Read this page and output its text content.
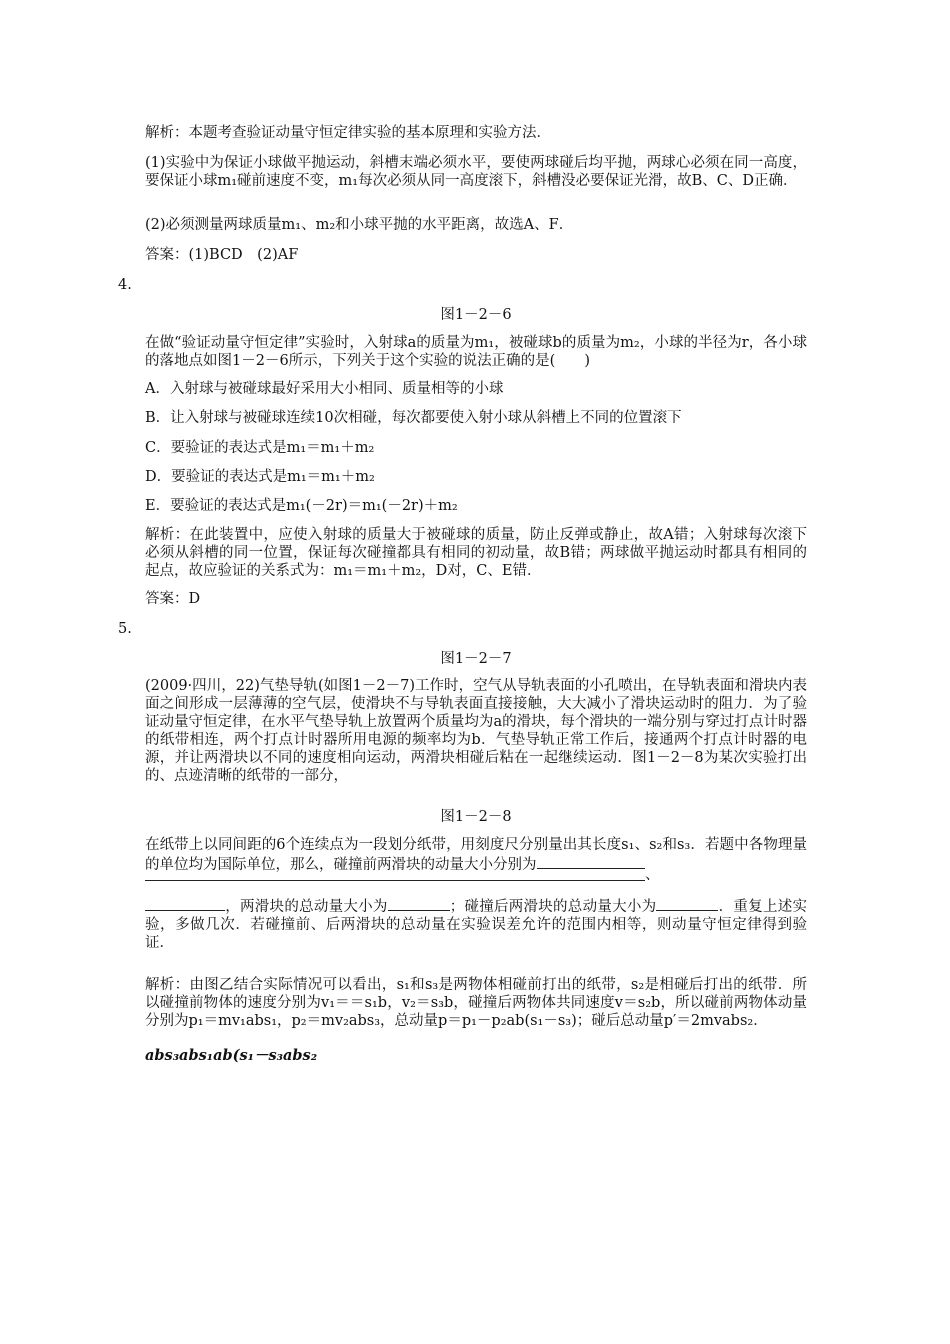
解析：本题考查验证动量守恒定律实验的基本原理和实验方法．

(1)实验中为保证小球做平抛运动，斜槽末端必须水平，要使两球碰后均平抛，两球心必须在同一高度，要保证小球m₁碰前速度不变，m₁每次必须从同一高度滚下，斜槽没必要保证光滑，故B、C、D正确．

(2)必须测量两球质量m₁、m₂和小球平抛的水平距离，故选A、F．

答案：(1)BCD　(2)AF

4.

图1－2－6

在做“验证动量守恒定律”实验时，入射球a的质量为m₁，被碰球b的质量为m₂，小球的半径为r，各小球的落地点如图1－2－6所示，下列关于这个实验的说法正确的是(　　)

A．入射球与被碰球最好采用大小相同、质量相等的小球

B．让入射球与被碰球连续10次相碰，每次都要使入射小球从斜槽上不同的位置滚下

C．要验证的表达式是m₁＝m₁＋m₂

D．要验证的表达式是m₁＝m₁＋m₂

E．要验证的表达式是m₁(－2r)＝m₁(－2r)＋m₂

解析：在此装置中，应使入射球的质量大于被碰球的质量，防止反弹或静止，故A错；入射球每次滚下必须从斜槽的同一位置，保证每次碰撞都具有相同的初动量，故B错；两球做平抛运动时都具有相同的起点，故应验证的关系式为：m₁＝m₁＋m₂，D对，C、E错．

答案：D

5.

图1－2－7

(2009·四川，22)气垫导轨(如图1－2－7)工作时，空气从导轨表面的小孔喷出，在导轨表面和滑块内表面之间形成一层薄薄的空气层，使滑块不与导轨表面直接接触，大大减小了滑块运动时的阻力．为了验证动量守恒定律，在水平气垫导轨上放置两个质量均为a的滑块，每个滑块的一端分别与穿过打点计时器的纸带相连，两个打点计时器所用电源的频率均为b．气垫导轨正常工作后，接通两个打点计时器的电源，并让两滑块以不同的速度相向运动，两滑块相碰后粘在一起继续运动．图1－2－8为某次实验打出的、点迹清晰的纸带的一部分，

图1－2－8

在纸带上以同间距的6个连续点为一段划分纸带，用刻度尺分别量出其长度s₁、s₂和s₃．若题中各物理量的单位均为国际单位，那么，碰撞前两滑块的动量大小分别为

、

，两滑块的总动量大小为	；碰撞后两滑块的总动量大小为	．重复上述实验，多做几次．若碰撞前、后两滑块的总动量在实验误差允许的范围内相等，则动量守恒定律得到验证．

解析：由图乙结合实际情况可以看出，s₁和s₃是两物体相碰前打出的纸带，s₂是相碰后打出的纸带．所以碰撞前物体的速度分别为v₁＝＝s₁b，v₂＝s₃b，碰撞后两物体共同速度v＝s₂b，所以碰前两物体动量分别为p₁＝mv₁abs₁，p₂＝mv₂abs₃，总动量p＝p₁－p₂ab(s₁－s₃)；碰后总动量p′＝2mvabs₂．

abs₃abs₁ab(s₁－s₃abs₂
